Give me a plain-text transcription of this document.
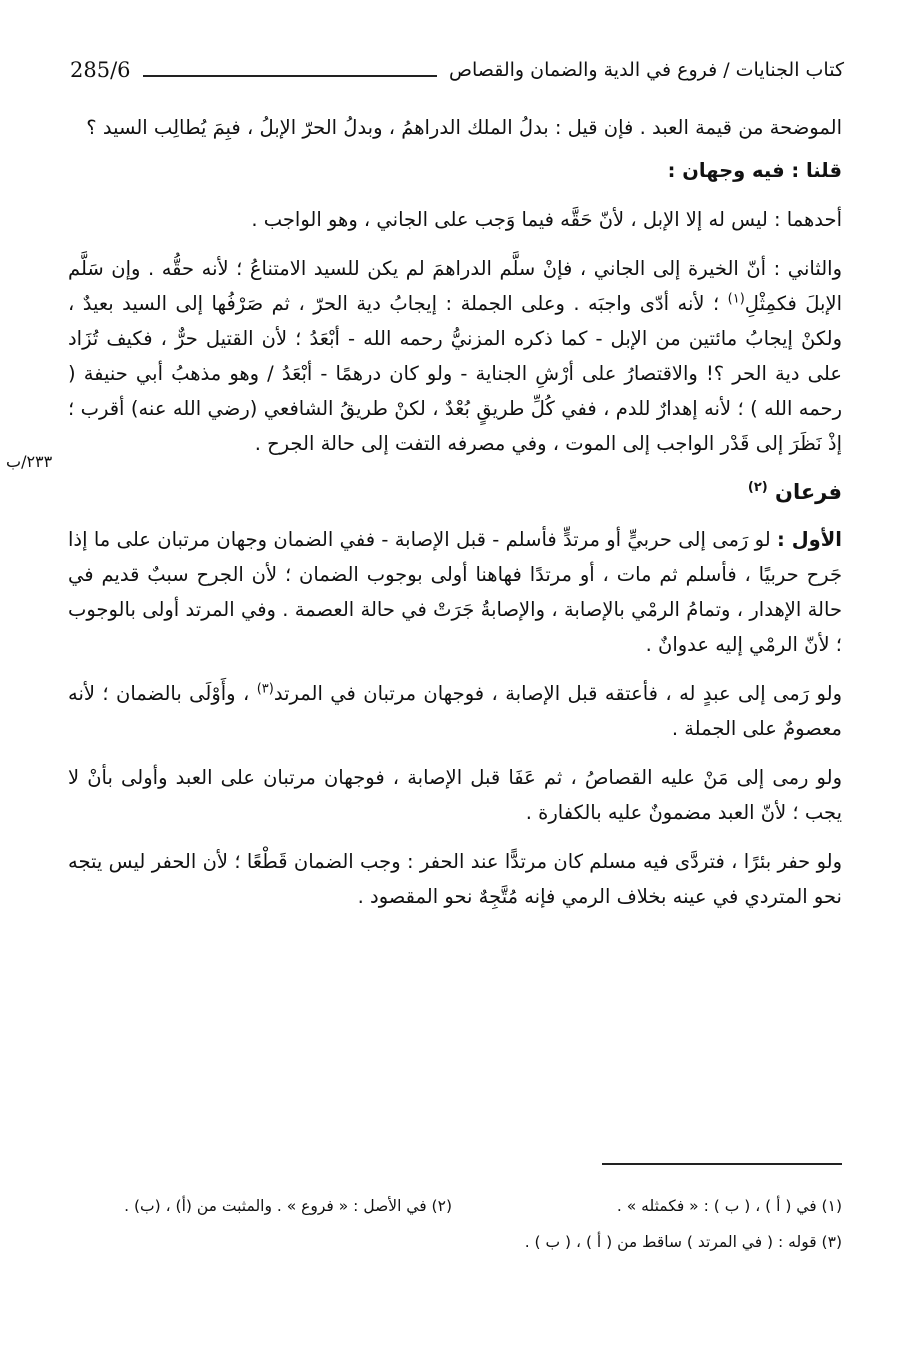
285/6	كتاب الجنايات / فروع في الدية والضمان والقصاص
٢٣٣/ب

الموضحة من قيمة العبد . فإن قيل : بدلُ الملك الدراهمُ ، وبدلُ الحرّ الإبلُ ، فبِمَ يُطالِب السيد ؟

قلنا : فيه وجهان :

أحدهما : ليس له إلا الإبل ، لأنّ حَقَّه فيما وَجب على الجاني ، وهو الواجب .

والثاني : أنّ الخيرة إلى الجاني ، فإنْ سلَّم الدراهمَ لم يكن للسيد الامتناعُ ؛ لأنه حقُّه . وإن سَلَّم الإبلَ فكمِثْلِ$^{(١)}$ ؛ لأنه أدّى واجبَه . وعلى الجملة : إيجابُ دية الحرّ ، ثم صَرْفُها إلى السيد بعيدٌ ، ولكنْ إيجابُ مائتين من الإبل - كما ذكره المزنيُّ رحمه الله - أبْعَدُ ؛ لأن القتيل حرٌّ ، فكيف تُزَاد على دية الحر ؟! والاقتصارُ على أرْشِ الجناية - ولو كان درهمًا - أبْعَدُ / وهو مذهبُ أبي حنيفة ( رحمه الله ) ؛ لأنه إهدارٌ للدم ، ففي كُلِّ طريقٍ بُعْدٌ ، لكنْ طريقُ الشافعي (رضي الله عنه) أقرب ؛ إذْ نَظَرَ إلى قَدْر الواجب إلى الموت ، وفي مصرفه التفت إلى حالة الجرح .

فرعان $^{(٢)}$

الأول : لو رَمى إلى حربيٍّ أو مرتدٍّ فأسلم - قبل الإصابة - ففي الضمان وجهان مرتبان على ما إذا جَرح حربيًا ، فأسلم ثم مات ، أو مرتدًا فهاهنا أولى بوجوب الضمان ؛ لأن الجرح سببٌ قديم في حالة الإهدار ، وتمامُ الرمْي بالإصابة ، والإصابةُ جَرَتْ في حالة العصمة . وفي المرتد أولى بالوجوب ؛ لأنّ الرمْي إليه عدوانٌ .

ولو رَمى إلى عبدٍ له ، فأعتقه قبل الإصابة ، فوجهان مرتبان في المرتد$^{(٣)}$ ، وأَوْلَى بالضمان ؛ لأنه معصومٌ على الجملة .

ولو رمى إلى مَنْ عليه القصاصُ ، ثم عَفَا قبل الإصابة ، فوجهان مرتبان على العبد وأولى بأنْ لا يجب ؛ لأنّ العبد مضمونٌ عليه بالكفارة .

ولو حفر بئرًا ، فتردَّى فيه مسلم كان مرتدًّا عند الحفر : وجب الضمان قَطْعًا ؛ لأن الحفر ليس يتجه نحو المتردي في عينه بخلاف الرمي فإنه مُتَّجِهٌ نحو المقصود .

(١) في ( أ ) ، ( ب ) : « فكمثله » .
(٢) في الأصل : « فروع » . والمثبت من (أ) ، (ب) .
(٣) قوله : ( في المرتد ) ساقط من ( أ ) ، ( ب ) .
